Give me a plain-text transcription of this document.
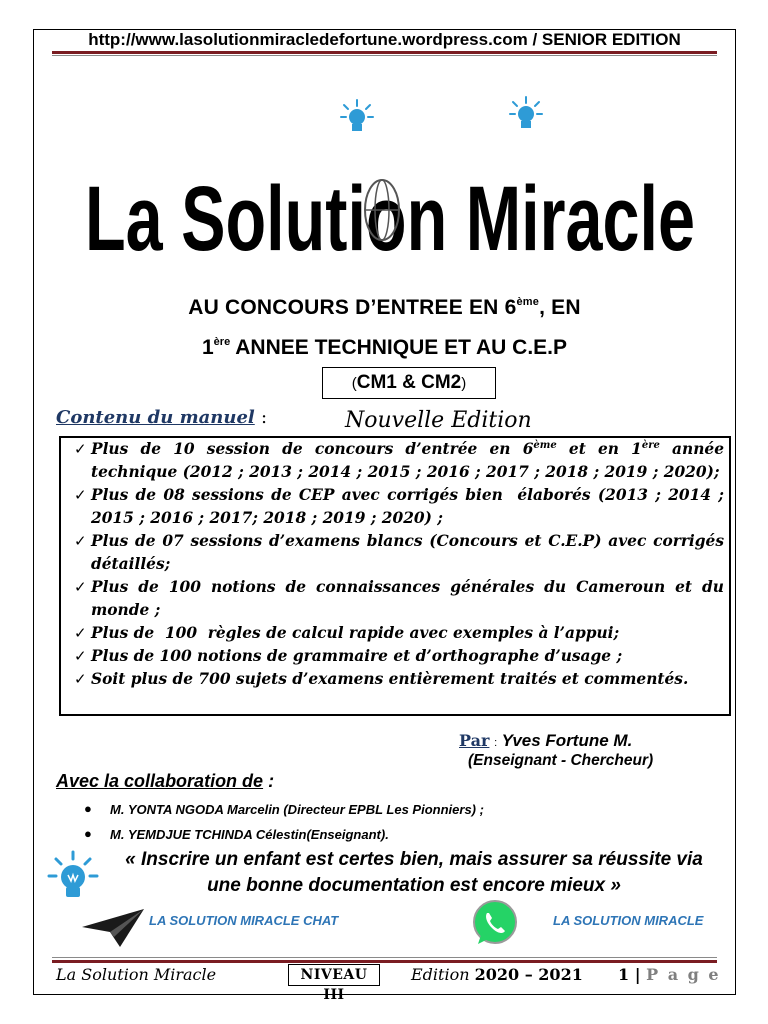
http://www.lasolutionmiracledefortune.wordpress.com / SENIOR EDITION
La Solution Miracle
AU CONCOURS D’ENTREE EN 6ème, EN
1ère ANNEE TECHNIQUE ET AU C.E.P
(CM1 & CM2)
Contenu du manuel :	Nouvelle Edition
✓ Plus de 10 session de concours d’entrée en 6ème et en 1ère année technique (2012 ; 2013 ; 2014 ; 2015 ; 2016 ; 2017 ; 2018 ; 2019 ; 2020);
✓ Plus de 08 sessions de CEP avec corrigés bien  élaborés (2013 ; 2014 ; 2015 ; 2016 ; 2017; 2018 ; 2019 ; 2020) ;
✓ Plus de 07 sessions d’examens blancs (Concours et C.E.P) avec corrigés détaillés;
✓ Plus de 100 notions de connaissances générales du Cameroun et du monde ;
✓ Plus de  100  règles de calcul rapide avec exemples à l’appui;
✓ Plus de 100 notions de grammaire et d’orthographe d’usage ;
✓ Soit plus de 700 sujets d’examens entièrement traités et commentés.
Par : Yves Fortune M.
(Enseignant - Chercheur)
Avec la collaboration de :
● M. YONTA NGODA Marcelin (Directeur EPBL Les Pionniers) ;
● M. YEMDJUE TCHINDA Célestin(Enseignant).
« Inscrire un enfant est certes bien, mais assurer sa réussite via
une bonne documentation est encore mieux »
LA SOLUTION MIRACLE CHAT	LA SOLUTION MIRACLE
La Solution Miracle	NIVEAU III
Edition 2020 – 2021 1 | P a g e
